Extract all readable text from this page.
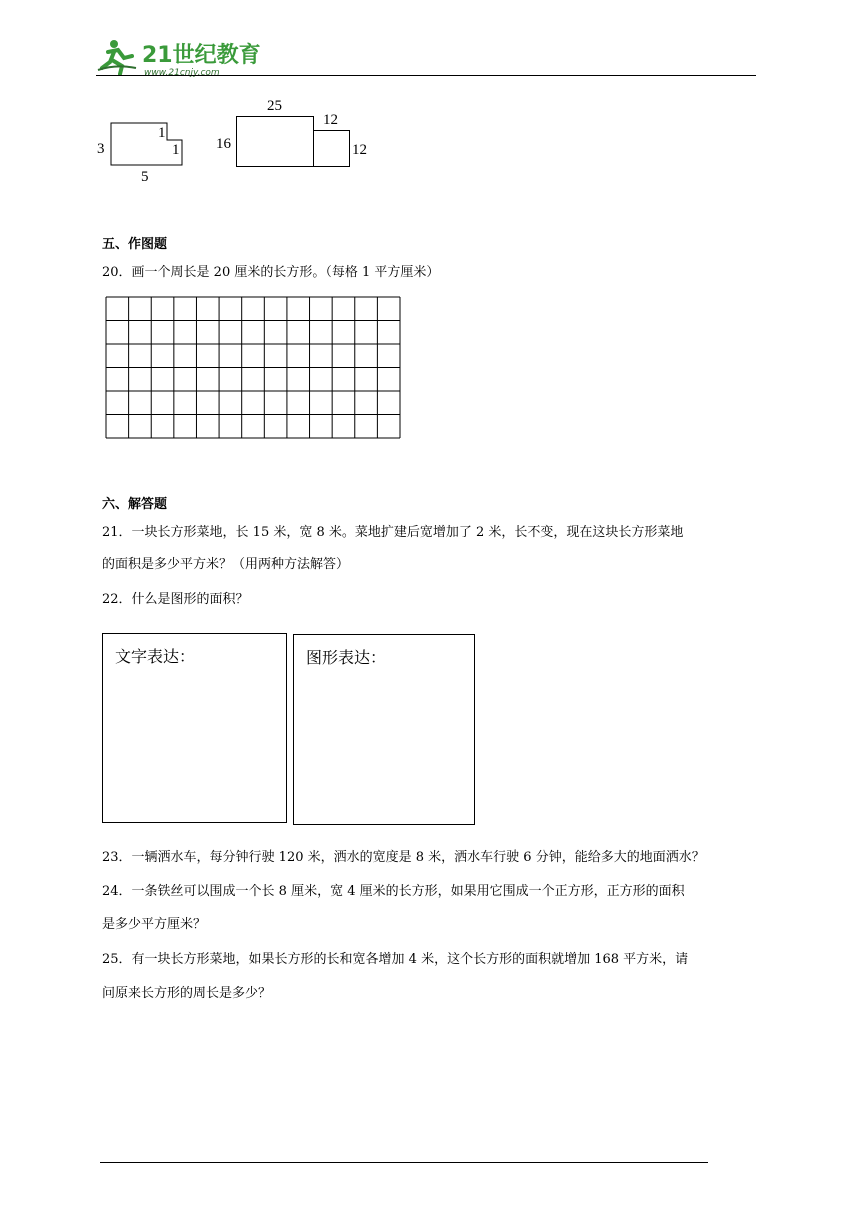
21世纪教育
www.21cnjy.com
3
1
1
5
25
16
12
12
五、作图题
20．画一个周长是 20 厘米的长方形。（每格 1 平方厘米）
六、解答题
21．一块长方形菜地，长 15 米，宽 8 米。菜地扩建后宽增加了 2 米，长不变，现在这块长方形菜地
的面积是多少平方米？（用两种方法解答）
22．什么是图形的面积？
文字表达：	图形表达：
23．一辆洒水车，每分钟行驶 120 米，洒水的宽度是 8 米，洒水车行驶 6 分钟，能给多大的地面洒水？
24．一条铁丝可以围成一个长 8 厘米，宽 4 厘米的长方形，如果用它围成一个正方形，正方形的面积
是多少平方厘米？
25．有一块长方形菜地，如果长方形的长和宽各增加 4 米，这个长方形的面积就增加 168 平方米，请
问原来长方形的周长是多少？
